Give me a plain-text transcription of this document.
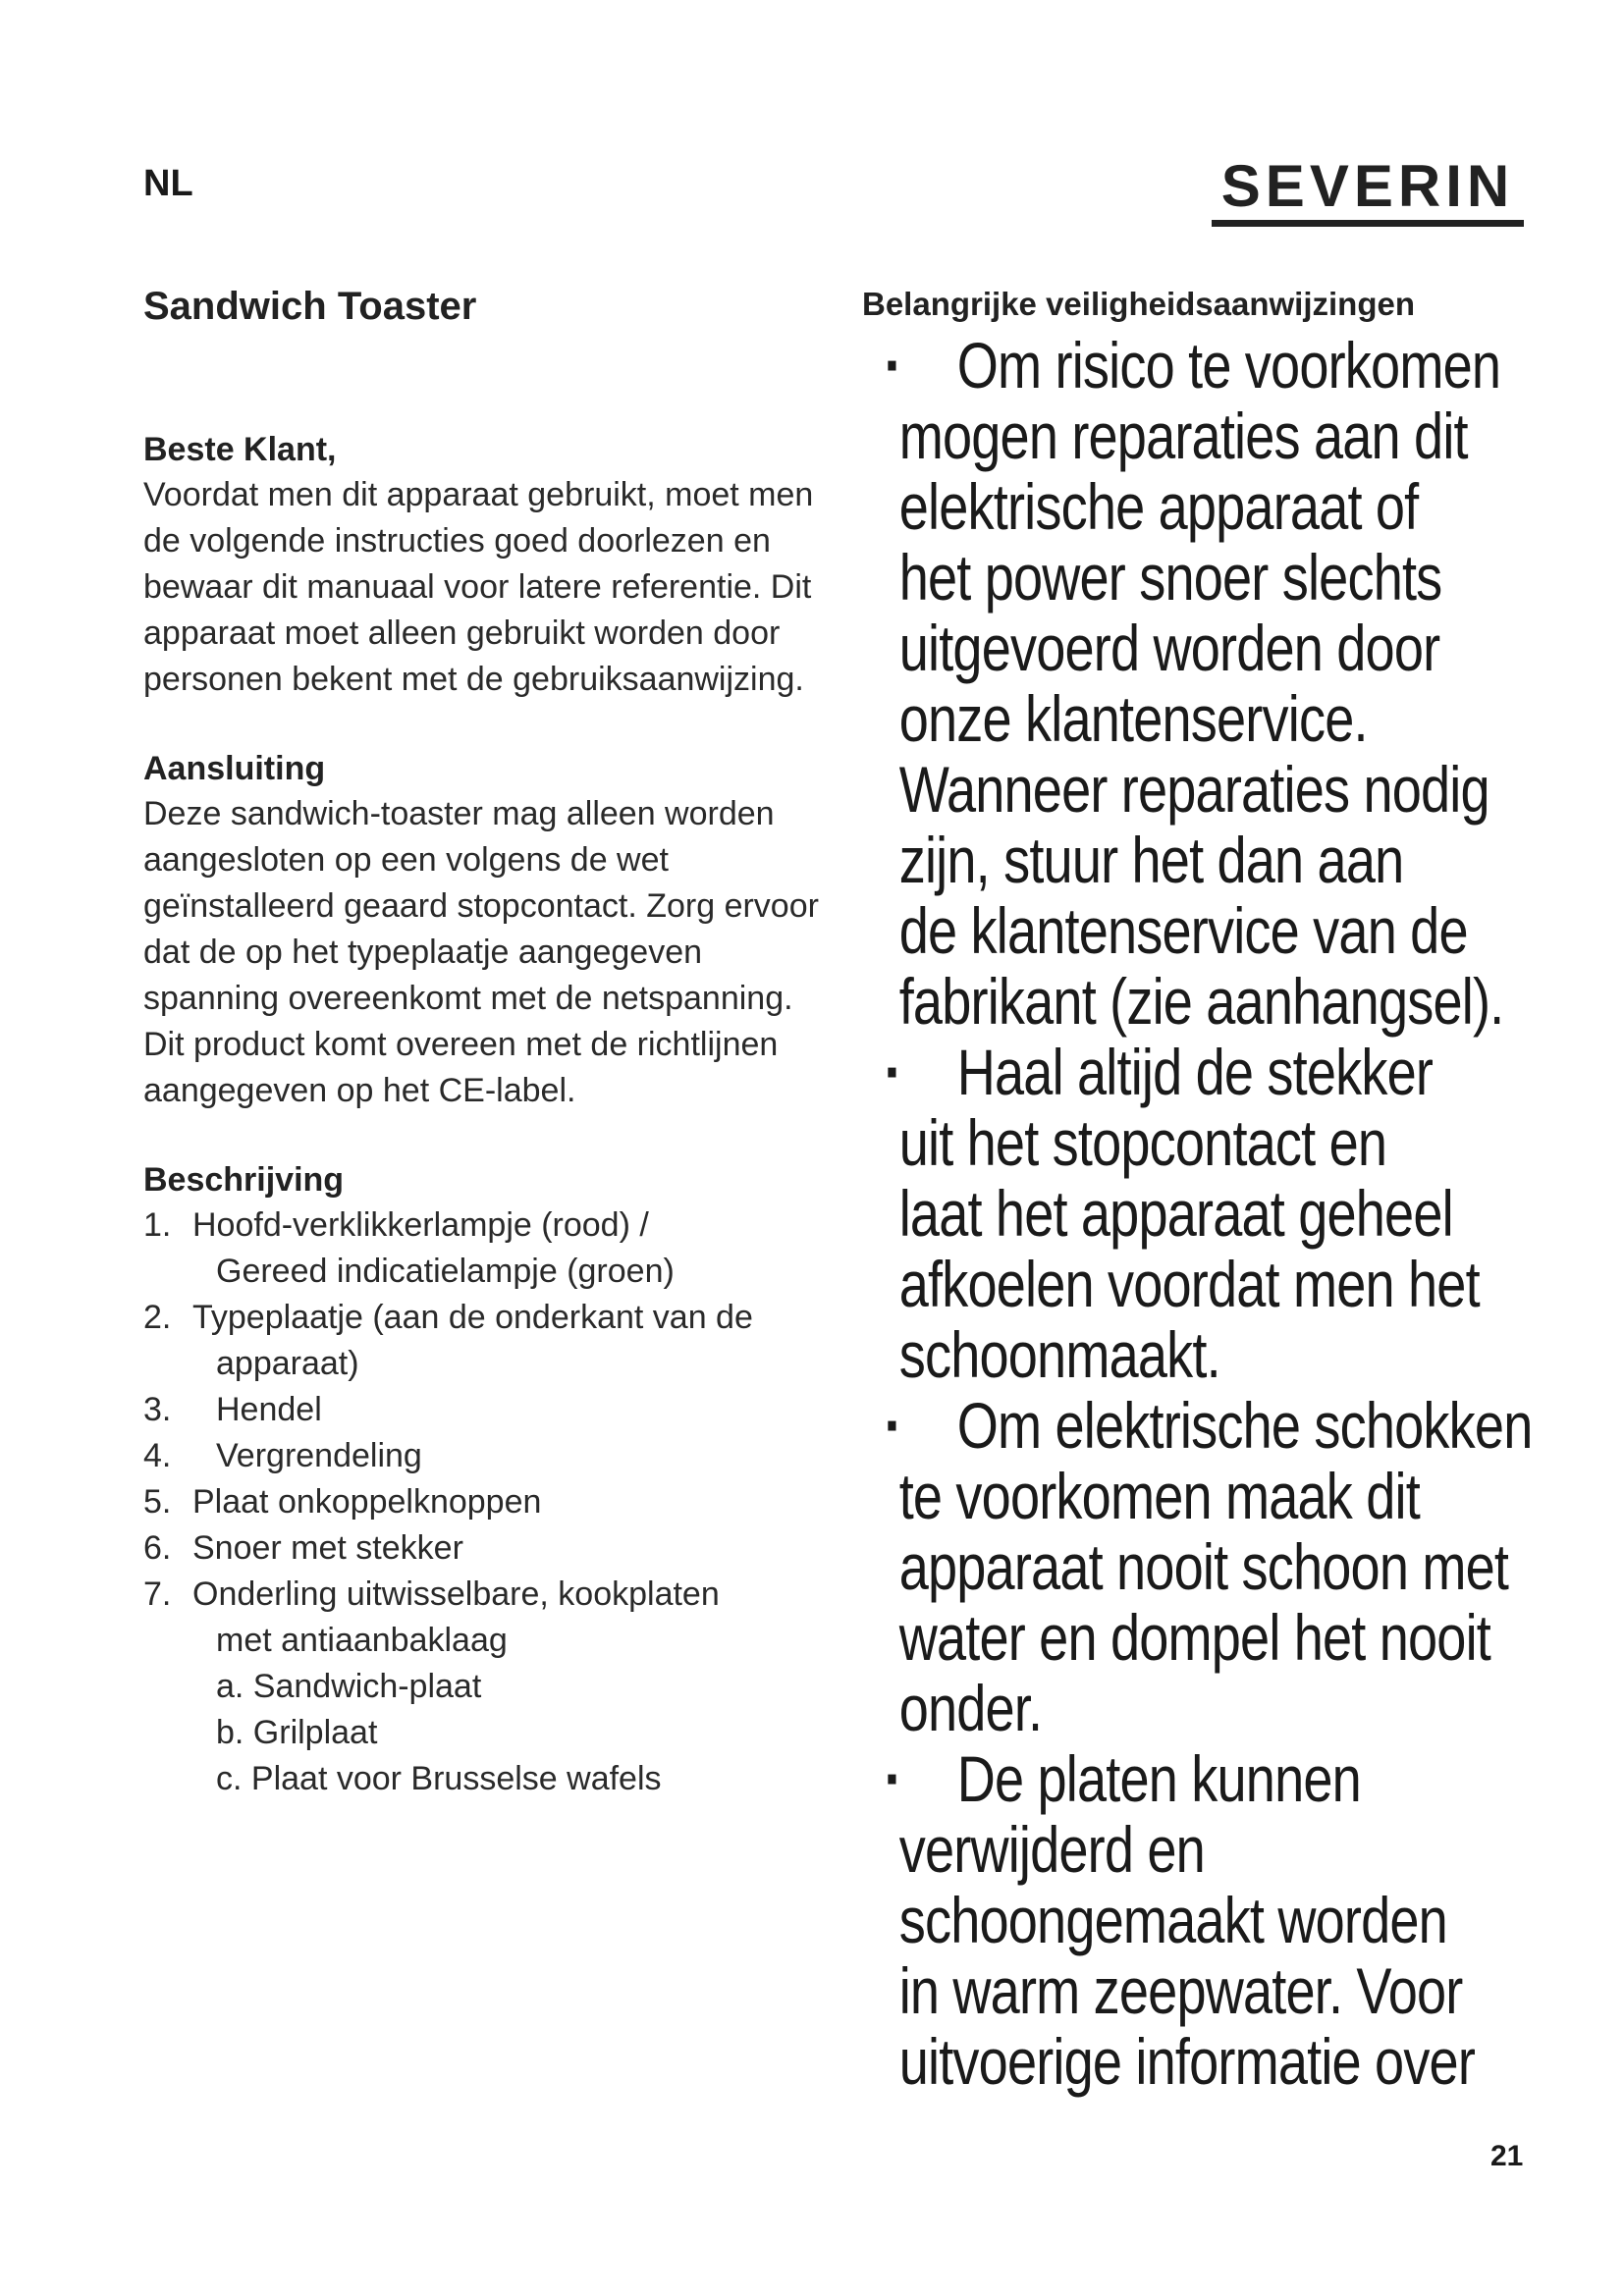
NL	SEVERIN
Sandwich Toaster
Beste Klant,

Voordat men dit apparaat gebruikt, moet men de volgende instructies goed doorlezen en bewaar dit manuaal voor latere referentie. Dit apparaat moet alleen gebruikt worden door personen bekent met de gebruiksaanwijzing.

Aansluiting

Deze sandwich-toaster mag alleen worden aangesloten op een volgens de wet geïnstalleerd geaard stopcontact. Zorg ervoor dat de op het typeplaatje aangegeven spanning overeenkomt met de netspanning. Dit product komt overeen met de richtlijnen aangegeven op het CE-label.

Beschrijving
1. Hoofd-verklikkerlampje (rood) /
Gereed indicatielampje (groen)
2. Typeplaatje (aan de onderkant van de
apparaat)
3. Hendel
4. Vergrendeling
5. Plaat onkoppelknoppen
6. Snoer met stekker
7. Onderling uitwisselbare, kookplaten
met antiaanbaklaag
a. Sandwich-plaat
b. Grilplaat
c. Plaat voor Brusselse wafels
Belangrijke veiligheidsaanwijzingen
▪ Om risico te voorkomen
mogen reparaties aan dit
elektrische apparaat of
het power snoer slechts
uitgevoerd worden door
onze klantenservice.
Wanneer reparaties nodig
zijn, stuur het dan aan
de klantenservice van de
fabrikant (zie aanhangsel).
▪ Haal altijd de stekker
uit het stopcontact en
laat het apparaat geheel
afkoelen voordat men het
schoonmaakt.
▪ Om elektrische schokken
te voorkomen maak dit
apparaat nooit schoon met
water en dompel het nooit
onder.
▪ De platen kunnen
verwijderd en
schoongemaakt worden
in warm zeepwater. Voor
uitvoerige informatie over
21
